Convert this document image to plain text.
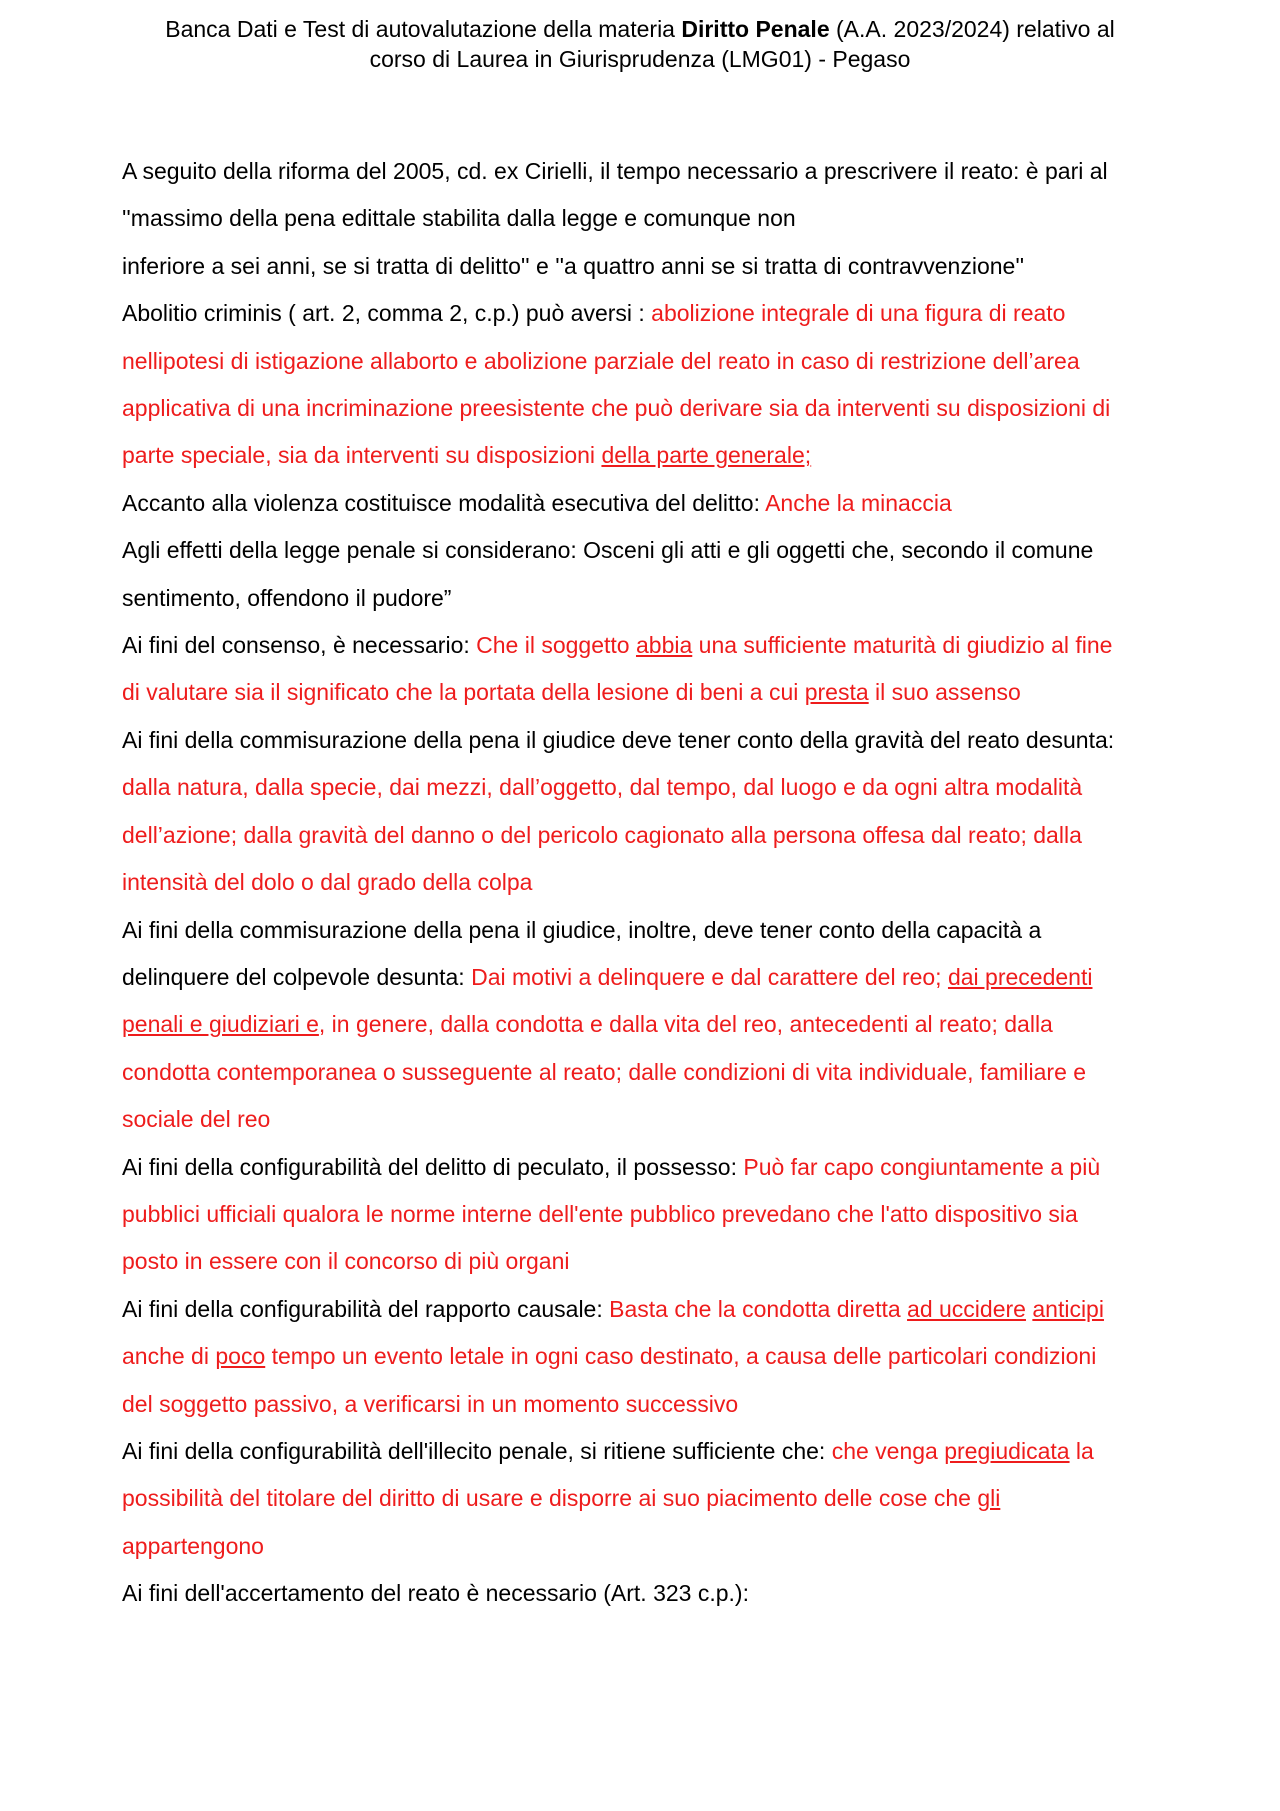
Banca Dati e Test di autovalutazione della materia Diritto Penale (A.A. 2023/2024) relativo al
corso di Laurea in Giurisprudenza (LMG01) - Pegaso
A seguito della riforma del 2005, cd. ex Cirielli, il tempo necessario a prescrivere il reato: è pari al
''massimo della pena edittale stabilita dalla legge e comunque non
inferiore a sei anni, se si tratta di delitto'' e ''a quattro anni se si tratta di contravvenzione''
Abolitio criminis ( art. 2, comma 2, c.p.) può aversi : abolizione integrale di una figura di reato
nellipotesi di istigazione allaborto e abolizione parziale del reato in caso di restrizione dell’area
applicativa di una incriminazione preesistente che può derivare sia da interventi su disposizioni di
parte speciale, sia da interventi su disposizioni della parte generale;
Accanto alla violenza costituisce modalità esecutiva del delitto: Anche la minaccia
Agli effetti della legge penale si considerano: Osceni gli atti e gli oggetti che, secondo il comune
sentimento, offendono il pudore”
Ai fini del consenso, è necessario: Che il soggetto abbia una sufficiente maturità di giudizio al fine
di valutare sia il significato che la portata della lesione di beni a cui presta il suo assenso
Ai fini della commisurazione della pena il giudice deve tener conto della gravità del reato desunta:
dalla natura, dalla specie, dai mezzi, dall’oggetto, dal tempo, dal luogo e da ogni altra modalità
dell’azione; dalla gravità del danno o del pericolo cagionato alla persona offesa dal reato; dalla
intensità del dolo o dal grado della colpa
Ai fini della commisurazione della pena il giudice, inoltre, deve tener conto della capacità a
delinquere del colpevole desunta: Dai motivi a delinquere e dal carattere del reo; dai precedenti
penali e giudiziari e, in genere, dalla condotta e dalla vita del reo, antecedenti al reato; dalla
condotta contemporanea o susseguente al reato; dalle condizioni di vita individuale, familiare e
sociale del reo
Ai fini della configurabilità del delitto di peculato, il possesso: Può far capo congiuntamente a più
pubblici ufficiali qualora le norme interne dell'ente pubblico prevedano che l'atto dispositivo sia
posto in essere con il concorso di più organi
Ai fini della configurabilità del rapporto causale: Basta che la condotta diretta ad uccidere anticipi
anche di poco tempo un evento letale in ogni caso destinato, a causa delle particolari condizioni
del soggetto passivo, a verificarsi in un momento successivo
Ai fini della configurabilità dell'illecito penale, si ritiene sufficiente che: che venga pregiudicata la
possibilità del titolare del diritto di usare e disporre ai suo piacimento delle cose che gli
appartengono
Ai fini dell'accertamento del reato è necessario (Art. 323 c.p.):
